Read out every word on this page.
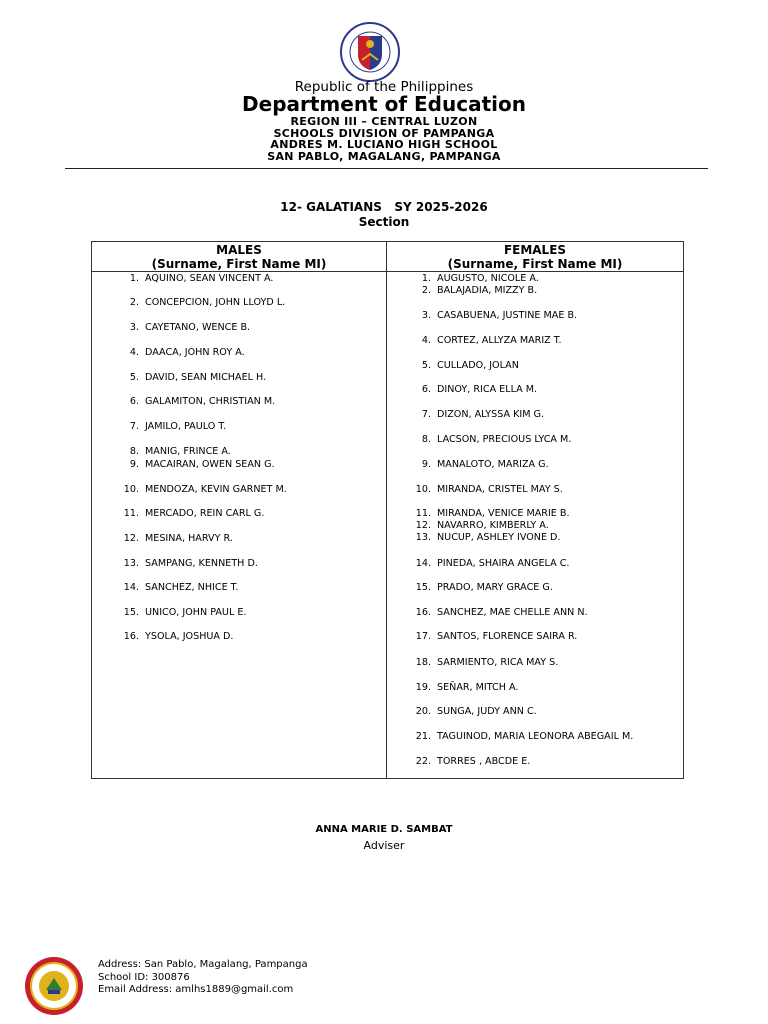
Republic of the Philippines
Department of Education
REGION III – CENTRAL LUZON
SCHOOLS DIVISION OF PAMPANGA
ANDRES M. LUCIANO HIGH SCHOOL
SAN PABLO, MAGALANG, PAMPANGA
12- GALATIANS   SY 2025-2026
Section
MALES
(Surname, First Name MI)
FEMALES
(Surname, First Name MI)
1. AQUINO, SEAN VINCENT A.
2. CONCEPCION, JOHN LLOYD L.
3. CAYETANO, WENCE B.
4. DAACA, JOHN ROY A.
5. DAVID, SEAN MICHAEL H.
6. GALAMITON, CHRISTIAN M.
7. JAMILO, PAULO T.
8. MANIG, FRINCE A.
9. MACAIRAN, OWEN SEAN G.
10. MENDOZA, KEVIN GARNET M.
11. MERCADO, REIN CARL G.
12. MESINA, HARVY R.
13. SAMPANG, KENNETH D.
14. SANCHEZ, NHICE T.
15. UNICO, JOHN PAUL E.
16. YSOLA, JOSHUA D.
1. AUGUSTO, NICOLE A.
2. BALAJADIA, MIZZY B.
3. CASABUENA, JUSTINE MAE B.
4. CORTEZ, ALLYZA MARIZ T.
5. CULLADO, JOLAN
6. DINOY, RICA ELLA M.
7. DIZON, ALYSSA KIM G.
8. LACSON, PRECIOUS LYCA M.
9. MANALOTO, MARIZA G.
10. MIRANDA, CRISTEL MAY S.
11. MIRANDA, VENICE MARIE B.
12. NAVARRO, KIMBERLY A.
13. NUCUP, ASHLEY IVONE D.
14. PINEDA, SHAIRA ANGELA C.
15. PRADO, MARY GRACE G.
16. SANCHEZ, MAE CHELLE ANN N.
17. SANTOS, FLORENCE SAIRA R.
18. SARMIENTO, RICA MAY S.
19. SEÑAR, MITCH A.
20. SUNGA, JUDY ANN C.
21. TAGUINOD, MARIA LEONORA ABEGAIL M.
22. TORRES , ABCDE E.
ANNA MARIE D. SAMBAT
Adviser
Address: San Pablo, Magalang, Pampanga
School ID: 300876
Email Address: amlhs1889@gmail.com
